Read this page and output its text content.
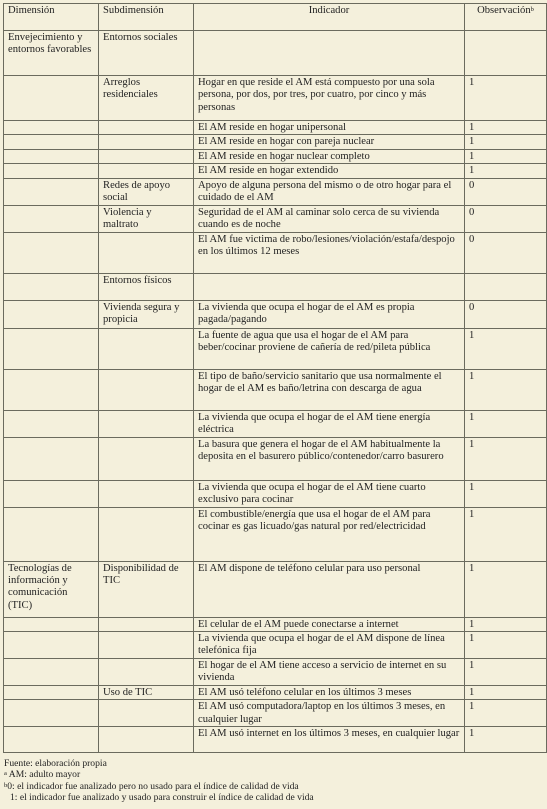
Dimensión	Subdimensión	Indicador	Observación$^b$
Envejecimiento y entornos favorables	Entornos sociales		
	Arreglos residenciales	Hogar en que reside el AM está compuesto por una sola persona, por dos, por tres, por cuatro, por cinco y más personas	1
		El AM reside en hogar unipersonal	1
		El AM reside en hogar con pareja nuclear	1
		El AM reside en hogar nuclear completo	1
		El AM reside en hogar extendido	1
	Redes de apoyo social	Apoyo de alguna persona del mismo o de otro hogar para el cuidado de el AM	0
	Violencia y maltrato	Seguridad de el AM al caminar solo cerca de su vivienda cuando es de noche	0
		El AM fue victima de robo/lesiones/violación/estafa/despojo en los últimos 12 meses	0
	Entornos físicos		
	Vivienda segura y propicia	La vivienda que ocupa el hogar de el AM es propia pagada/pagando	0
		La fuente de agua que usa el hogar de el AM para beber/cocinar proviene de cañería de red/pileta pública	1
		El tipo de baño/servicio sanitario que usa normalmente el hogar de el AM es baño/letrina con descarga de agua	1
		La vivienda que ocupa el hogar de el AM tiene energía eléctrica	1
		La basura que genera el hogar de el AM habitualmente la deposita en el basurero público/contenedor/carro basurero	1
		La vivienda que ocupa el hogar de el AM tiene cuarto exclusivo para cocinar	1
		El combustible/energía que usa el hogar de el AM para cocinar es gas licuado/gas natural por red/electricidad	1
Tecnologías de información y comunicación (TIC)	Disponibilidad de TIC	El AM dispone de teléfono celular para uso personal	1
		El celular de el AM puede conectarse a internet	1
		La vivienda que ocupa el hogar de el AM dispone de línea telefónica fija	1
		El hogar de el AM tiene acceso a servicio de internet en su vivienda	1
	Uso de TIC	El AM usó teléfono celular en los últimos 3 meses	1
		El AM usó computadora/laptop en los últimos 3 meses, en cualquier lugar	1
		El AM usó internet en los últimos 3 meses, en cualquier lugar	1
Fuente: elaboración propia
$^a$ AM: adulto mayor
$^b$0: el indicador fue analizado pero no usado para el índice de calidad de vida
1: el indicador fue analizado y usado para construir el índice de calidad de vida
